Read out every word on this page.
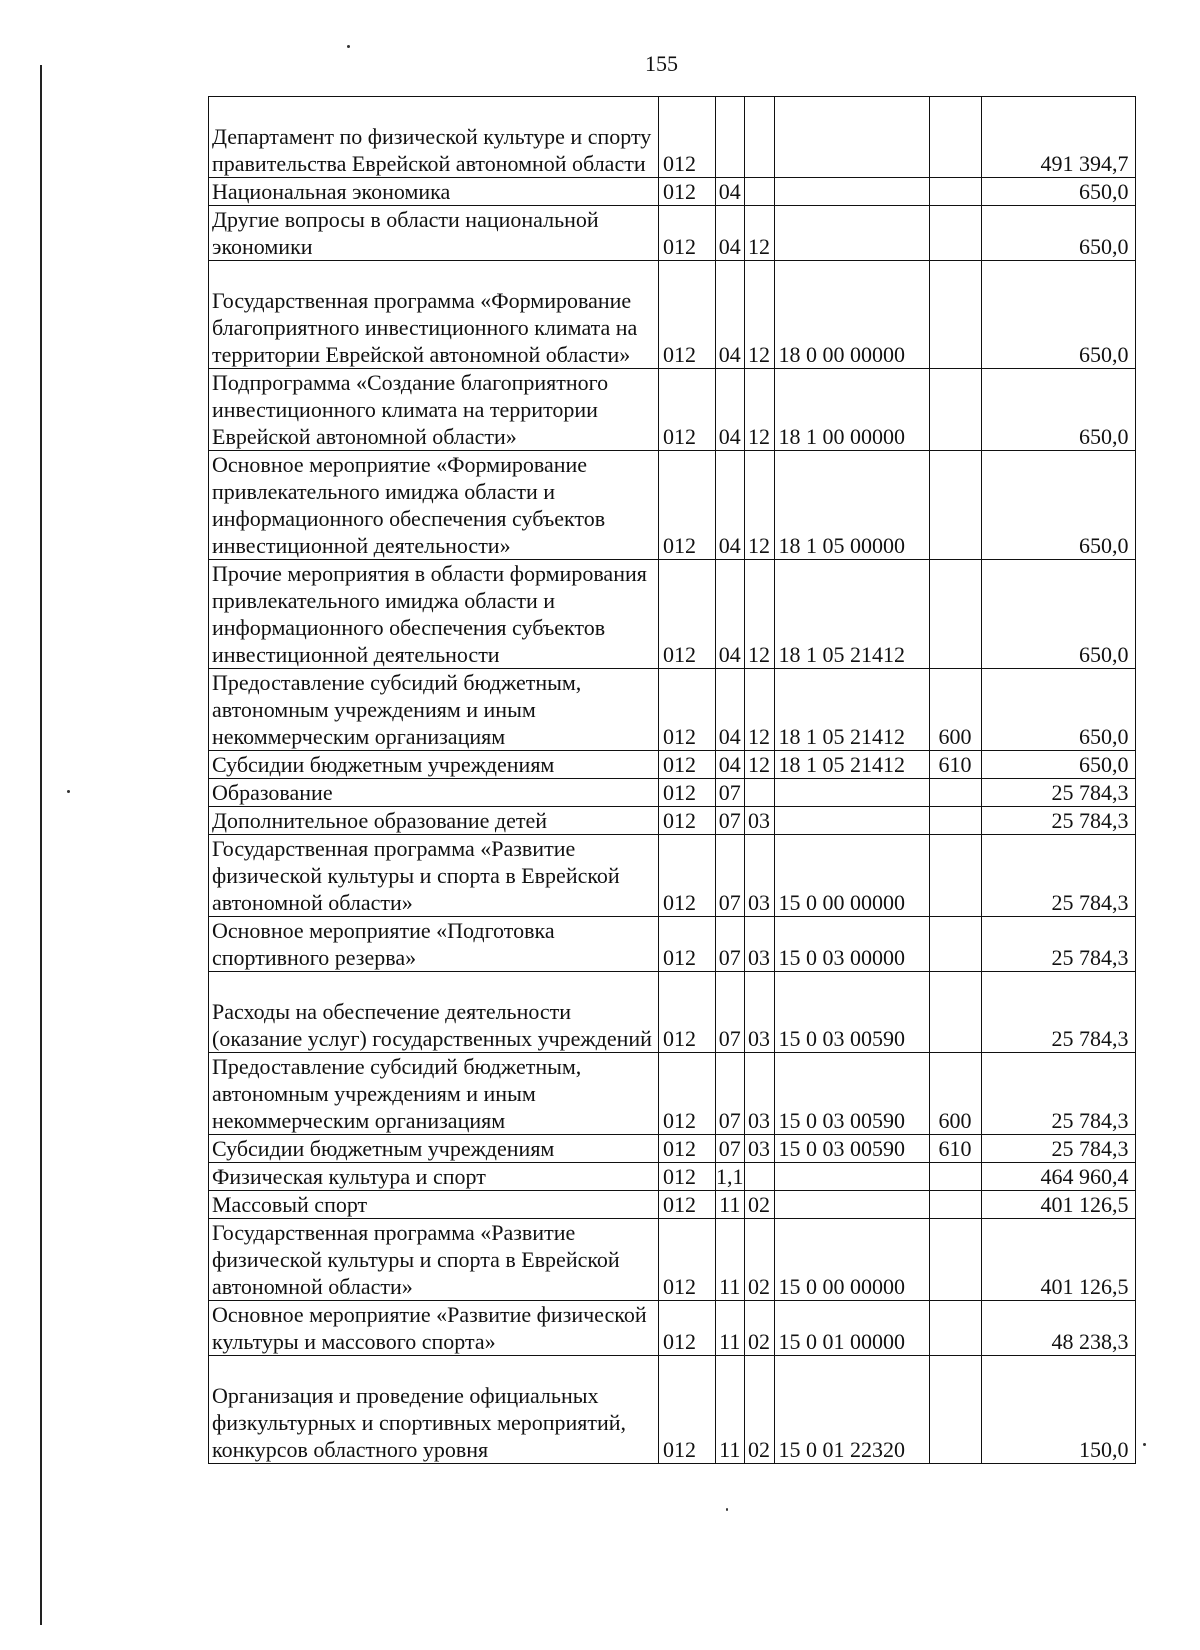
155
Департамент по физической культуре и спорту правительства Еврейской автономной области	012					491 394,7
Национальная экономика	012	04				650,0
Другие вопросы в области национальной экономики	012	04	12			650,0
Государственная программа «Формирование благоприятного инвестиционного климата на территории Еврейской автономной области»	012	04	12	18 0 00 00000		650,0
Подпрограмма «Создание благоприятного инвестиционного климата на территории Еврейской автономной области»	012	04	12	18 1 00 00000		650,0
Основное мероприятие «Формирование привлекательного имиджа области и информационного обеспечения субъектов инвестиционной деятельности»	012	04	12	18 1 05 00000		650,0
Прочие мероприятия в области формирования привлекательного имиджа области и информационного обеспечения субъектов инвестиционной деятельности	012	04	12	18 1 05 21412		650,0
Предоставление субсидий бюджетным, автономным учреждениям и иным некоммерческим организациям	012	04	12	18 1 05 21412	600	650,0
Субсидии бюджетным учреждениям	012	04	12	18 1 05 21412	610	650,0
Образование	012	07				25 784,3
Дополнительное образование детей	012	07	03			25 784,3
Государственная программа «Развитие физической культуры и спорта в Еврейской автономной области»	012	07	03	15 0 00 00000		25 784,3
Основное мероприятие «Подготовка спортивного резерва»	012	07	03	15 0 03 00000		25 784,3
Расходы на обеспечение деятельности (оказание услуг) государственных учреждений	012	07	03	15 0 03 00590		25 784,3
Предоставление субсидий бюджетным, автономным учреждениям и иным некоммерческим организациям	012	07	03	15 0 03 00590	600	25 784,3
Субсидии бюджетным учреждениям	012	07	03	15 0 03 00590	610	25 784,3
Физическая культура и спорт	012	1,1				464 960,4
Массовый спорт	012	11	02			401 126,5
Государственная программа «Развитие физической культуры и спорта в Еврейской автономной области»	012	11	02	15 0 00 00000		401 126,5
Основное мероприятие «Развитие физической культуры и массового спорта»	012	11	02	15 0 01 00000		48 238,3
Организация и проведение официальных физкультурных и спортивных мероприятий, конкурсов областного уровня	012	11	02	15 0 01 22320		150,0
